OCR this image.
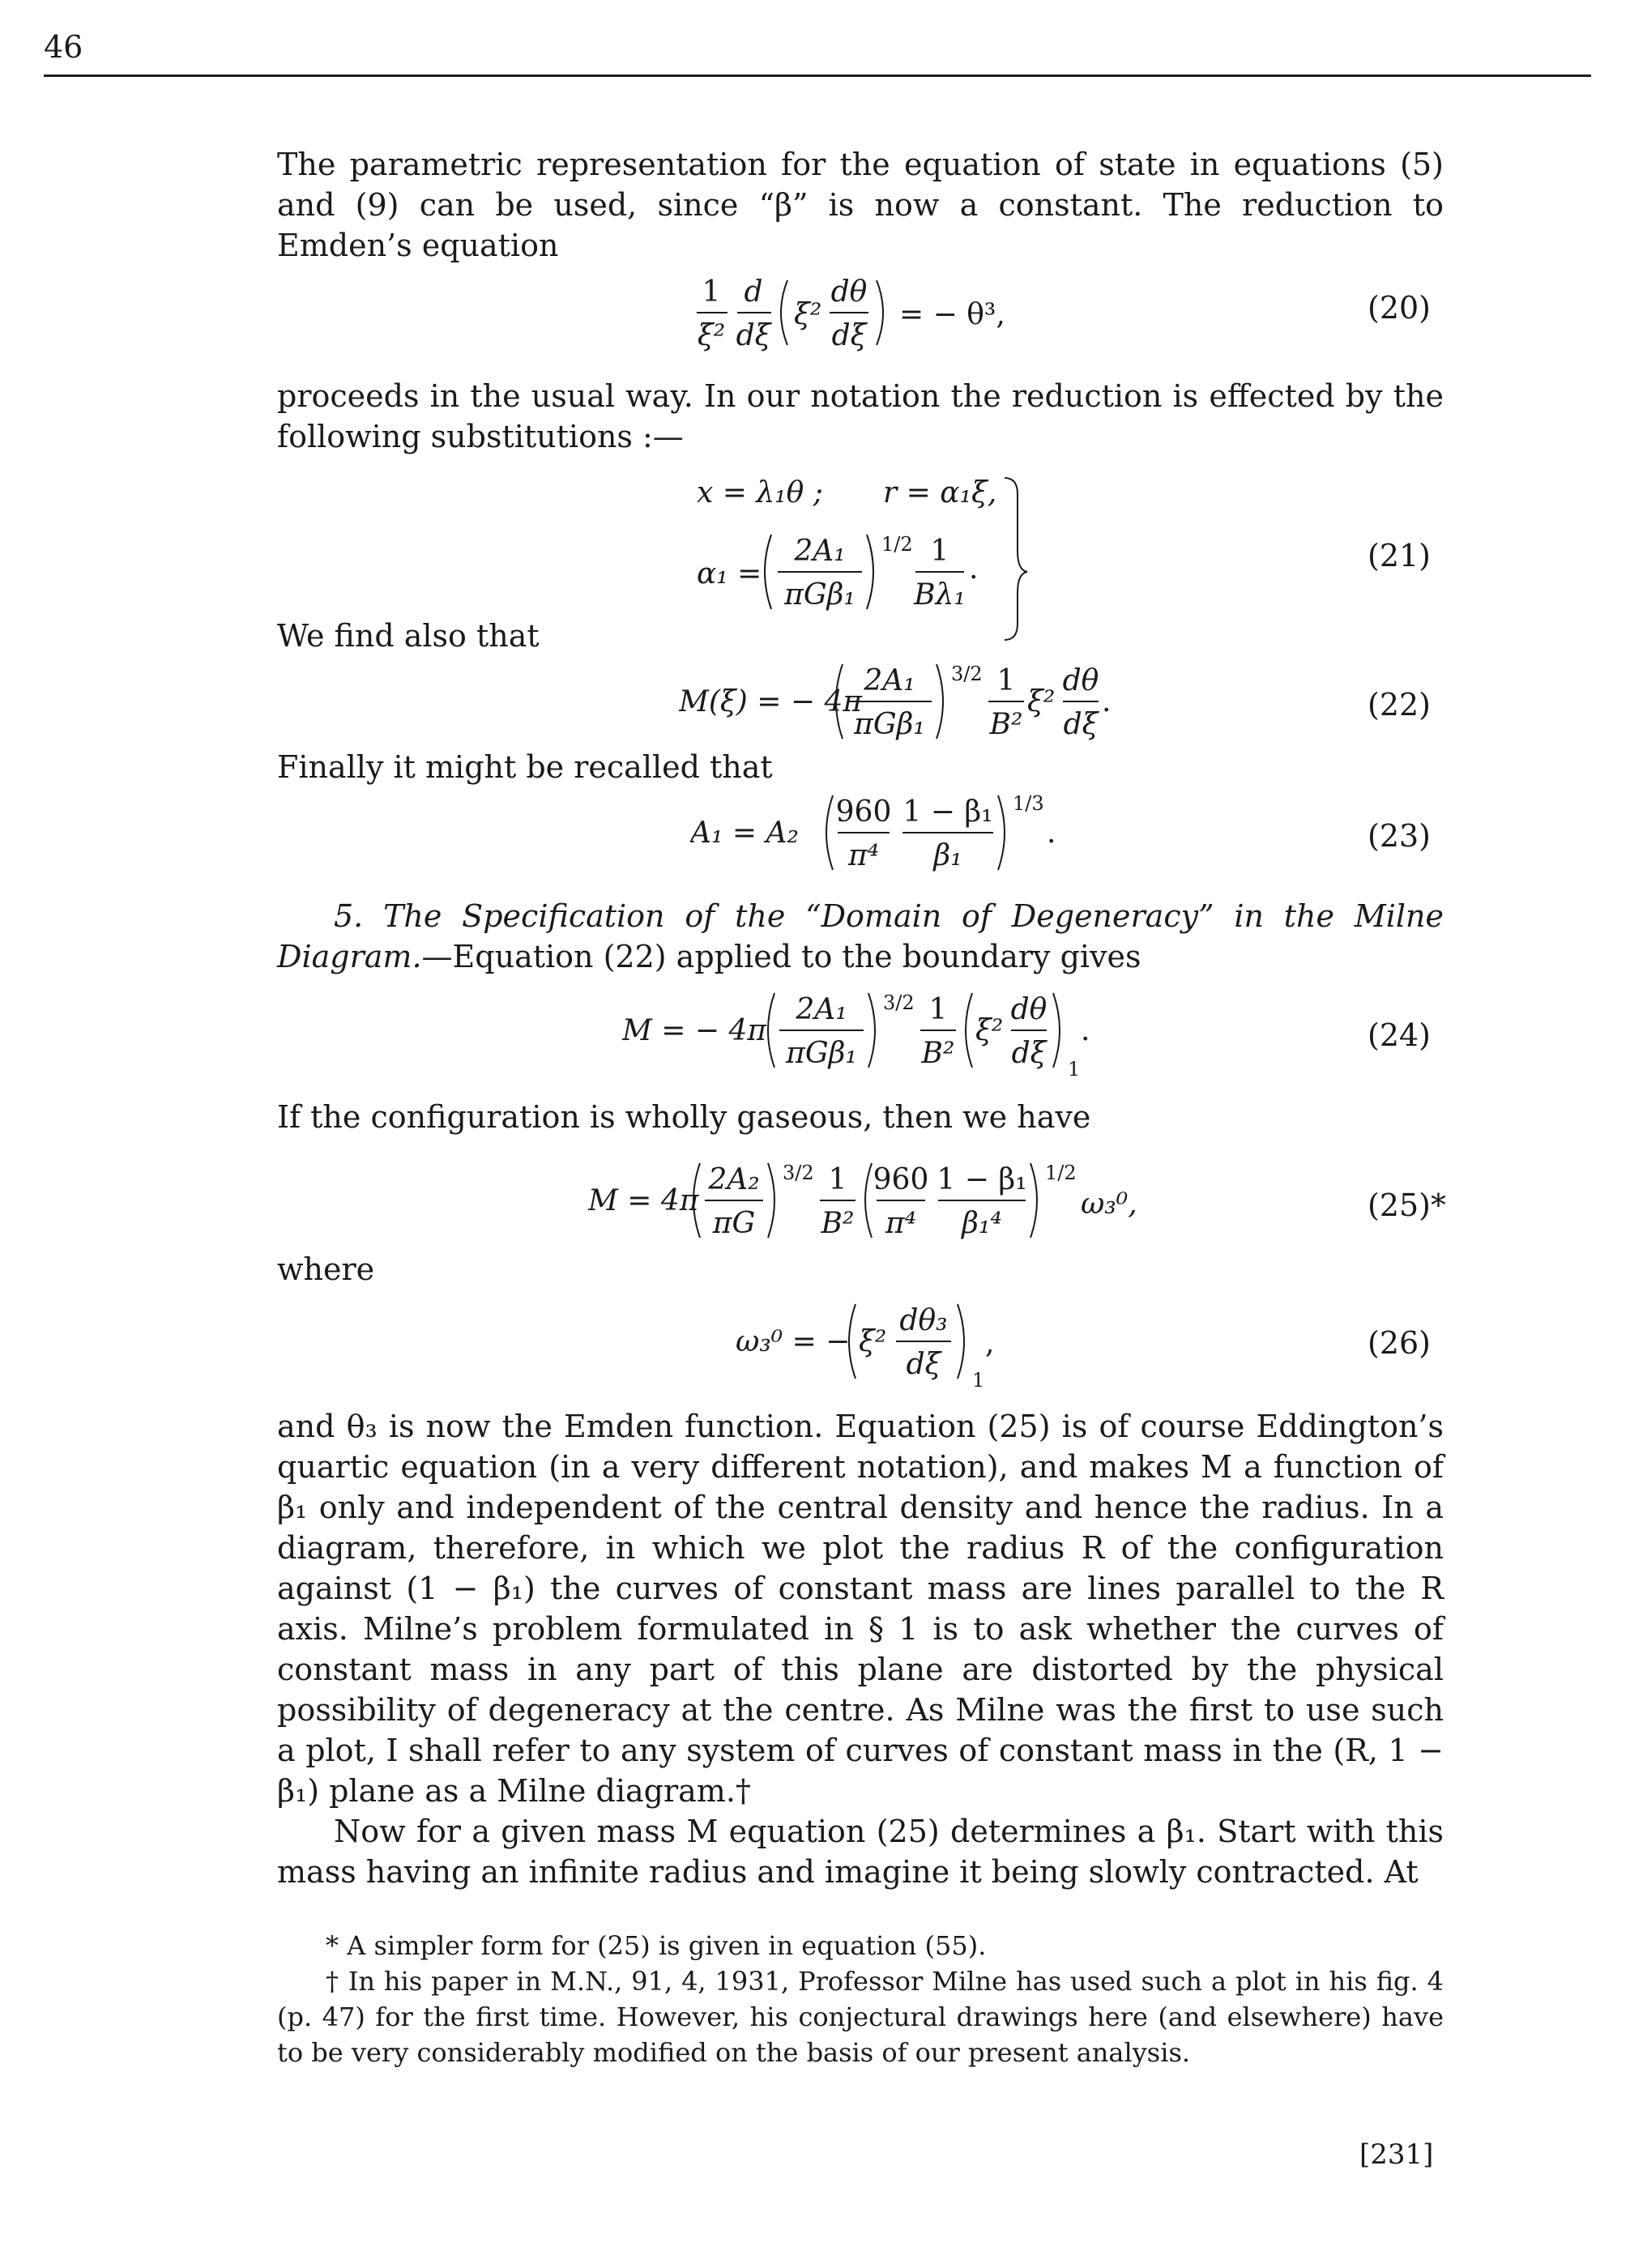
46

The parametric representation for the equation of state in equations (5) and (9) can be used, since “β” is now a constant. The reduction to Emden’s equation

1
ξ²
d
dξ
ξ²
dθ
dξ
= − θ³,	(20)

proceeds in the usual way. In our notation the reduction is effected by the following substitutions :—

x = λ₁θ ; r = α₁ξ,
α₁ =
2A₁
πGβ₁
1/2 1
Bλ₁
.	(21)

We find also that

M(ξ) = − 4π
2A₁
πGβ₁
3/2 1
B²
ξ²
dθ
dξ
.	(22)

Finally it might be recalled that

A₁ = A₂
960
π⁴
1 − β₁
β₁
1/3
.	(23)

5. The Specification of the “Domain of Degeneracy” in the Milne Diagram.—Equation (22) applied to the boundary gives

M = − 4π
2A₁
πGβ₁
3/2 1
B²
ξ²
dθ
dξ 1
.	(24)

If the configuration is wholly gaseous, then we have

M = 4π
2A₂
πG
3/2 1
B²
960
π⁴
1 − β₁
β₁⁴
1/2
ω₃⁰,	(25)*

where

ω₃⁰ = − ξ²
dθ₃
dξ 1
,	(26)

and θ₃ is now the Emden function. Equation (25) is of course Eddington’s quartic equation (in a very different notation), and makes M a function of β₁ only and independent of the central density and hence the radius. In a diagram, therefore, in which we plot the radius R of the configuration against (1 − β₁) the curves of constant mass are lines parallel to the R axis. Milne’s problem formulated in § 1 is to ask whether the curves of constant mass in any part of this plane are distorted by the physical possibility of degeneracy at the centre. As Milne was the first to use such a plot, I shall refer to any system of curves of constant mass in the (R, 1 − β₁) plane as a Milne diagram.†

Now for a given mass M equation (25) determines a β₁. Start with this mass having an infinite radius and imagine it being slowly contracted. At

* A simpler form for (25) is given in equation (55).

† In his paper in M.N., 91, 4, 1931, Professor Milne has used such a plot in his fig. 4 (p. 47) for the first time. However, his conjectural drawings here (and elsewhere) have to be very considerably modified on the basis of our present analysis.

[231]
